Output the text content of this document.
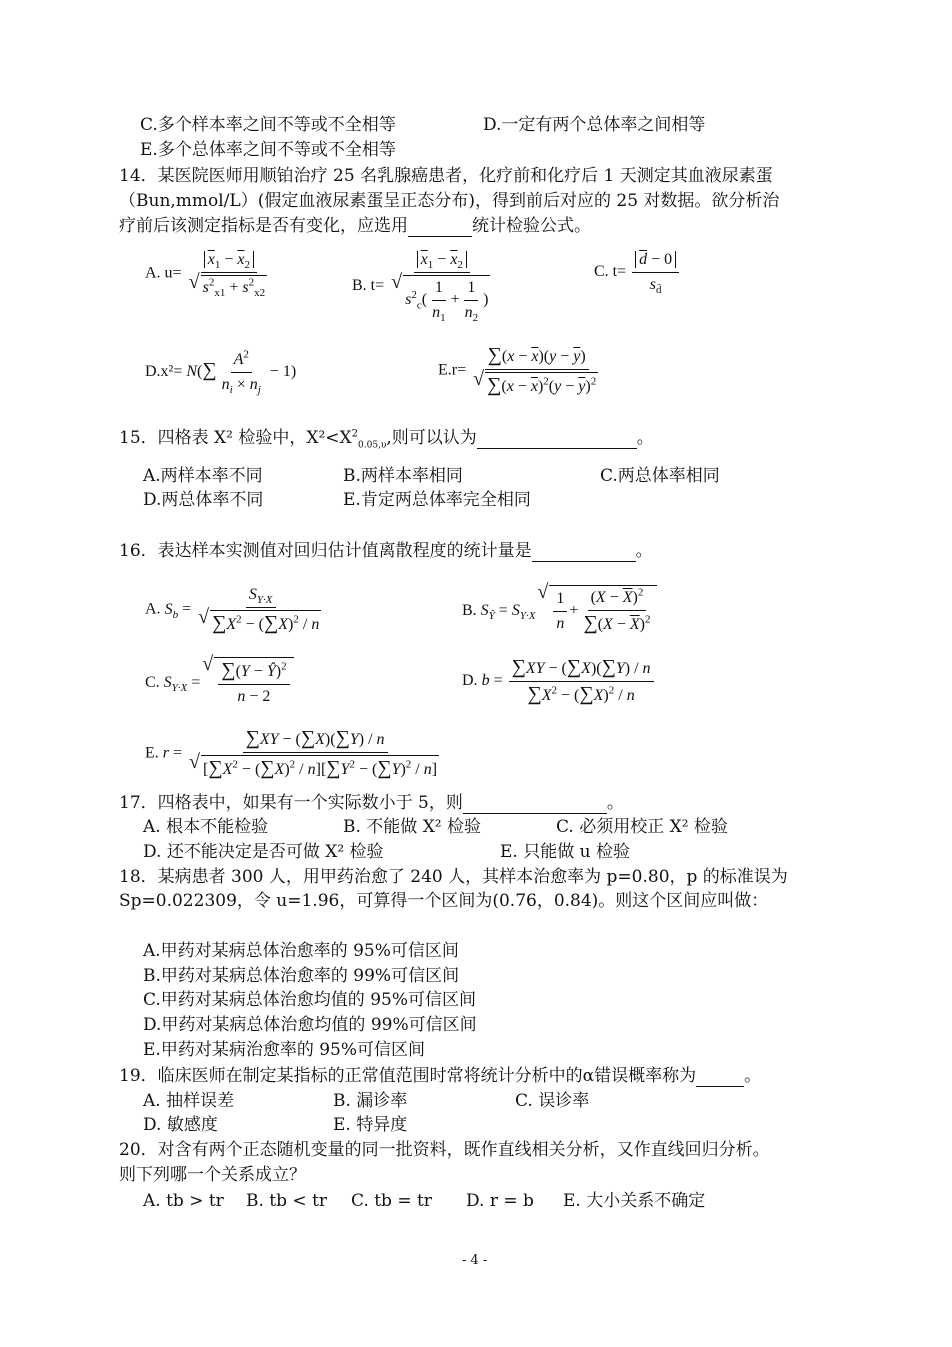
C.多个样本率之间不等或不全相等	D.一定有两个总体率之间相等
E.多个总体率之间不等或不全相等
14．某医院医师用顺铂治疗 25 名乳腺癌患者，化疗前和化疗后 1 天测定其血液尿素蛋
（Bun,mmol/L）(假定血液尿素蛋呈正态分布)，得到前后对应的 25 对数据。欲分析治
疗前后该测定指标是否有变化，应选用	统计检验公式。
A. $u= \overline{x}_1 - \overline{x}_2$
√ $s^2_{x1} + s^2_{x2}$	B. $t= \overline{x}_1 - \overline{x}_2$
√ $s^2_c( \frac{1}{n_1} + \frac{1}{n_2}$ )	C. $t= \frac{\overline{d} - 0}{s_{d̄}}$
$D.x^2= N(\sum \frac{A^2}{n_i \times n_j} - 1)$	$E.r= \sum(x - \overline{x})(y - \overline{y})$
√ $\sum(x - \overline{x})^2(y - \overline{y})^2$
15．四格表 X² 检验中，$X^2<X^2_{0.05,\upsilon}$,则可以认为	。
A.两样本率不同	B.两样本率相同	C.两总体率相同
D.两总体率不同	E.肯定两总体率完全相同
16．表达样本实测值对回归估计值离散程度的统计量是	。
A. $S_b = S_{Y\cdot X}$
√ $\sum X^2 - (\sum X)^2 / n$	B. $S_Ŷ = S_{Y\cdot X}$ √ $\frac{1}{n} + \frac{(X - \overline{X})^2}{\sum(X - \overline{X})^2}$
C. $S_{Y\cdot X}$ = √ $\frac{\sum(Y - Ŷ)^2}{n - 2}$	D. $b = \frac{\sum XY - (\sum X)(\sum Y) / n}{\sum X^2 - (\sum X)^2 / n}$
E. r = ∑XY − (∑X)(∑Y) / n
√ $[\sum X^2 - (\sum X)^2 / n][\sum Y^2 - (\sum Y)^2 / n]$
17．四格表中，如果有一个实际数小于 5，则	。
A. 根本不能检验	B. 不能做 X² 检验	C. 必须用校正 X² 检验
D. 还不能决定是否可做 X² 检验	E. 只能做 u 检验
18．某病患者 300 人，用甲药治愈了 240 人，其样本治愈率为 p=0.80，p 的标准误为
Sp=0.022309，令 u=1.96，可算得一个区间为(0.76，0.84)。则这个区间应叫做：
A.甲药对某病总体治愈率的 95%可信区间
B.甲药对某病总体治愈率的 99%可信区间
C.甲药对某病总体治愈均值的 95%可信区间
D.甲药对某病总体治愈均值的 99%可信区间
E.甲药对某病治愈率的 95%可信区间
19．临床医师在制定某指标的正常值范围时常将统计分析中的α错误概率称为	。
A. 抽样误差	B. 漏诊率	C. 误诊率
D. 敏感度	E. 特异度
20．对含有两个正态随机变量的同一批资料，既作直线相关分析，又作直线回归分析。
则下列哪一个关系成立？
A. tb > tr B. tb < tr C. tb = tr D. r = b E. 大小关系不确定
- 4 -
